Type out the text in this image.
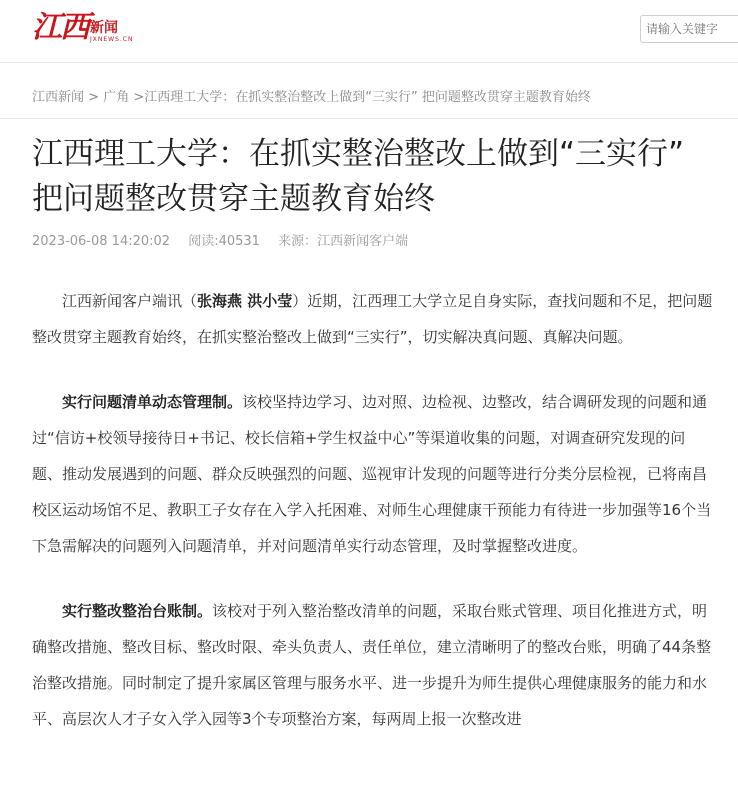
江西 新闻
JXNEWS.CN
请输入关键字
江西新闻 > 广角 >江西理工大学：在抓实整治整改上做到“三实行” 把问题整改贯穿主题教育始终
江西理工大学：在抓实整治整改上做到“三实行” 把问题整改贯穿主题教育始终
2023-06-08 14:20:02 阅读:40531 来源：江西新闻客户端

江西新闻客户端讯（张海燕 洪小莹）近期，江西理工大学立足自身实际，查找问题和不足，把问题整改贯穿主题教育始终，在抓实整治整改上做到“三实行”，切实解决真问题、真解决问题。

实行问题清单动态管理制。该校坚持边学习、边对照、边检视、边整改，结合调研发现的问题和通过“信访+校领导接待日+书记、校长信箱+学生权益中心”等渠道收集的问题，对调查研究发现的问题、推动发展遇到的问题、群众反映强烈的问题、巡视审计发现的问题等进行分类分层检视，已将南昌校区运动场馆不足、教职工子女存在入学入托困难、对师生心理健康干预能力有待进一步加强等16个当下急需解决的问题列入问题清单，并对问题清单实行动态管理，及时掌握整改进度。

实行整改整治台账制。该校对于列入整治整改清单的问题，采取台账式管理、项目化推进方式，明确整改措施、整改目标、整改时限、牵头负责人、责任单位，建立清晰明了的整改台账，明确了44条整治整改措施。同时制定了提升家属区管理与服务水平、进一步提升为师生提供心理健康服务的能力和水平、高层次人才子女入学入园等3个专项整治方案，每两周上报一次整改进
